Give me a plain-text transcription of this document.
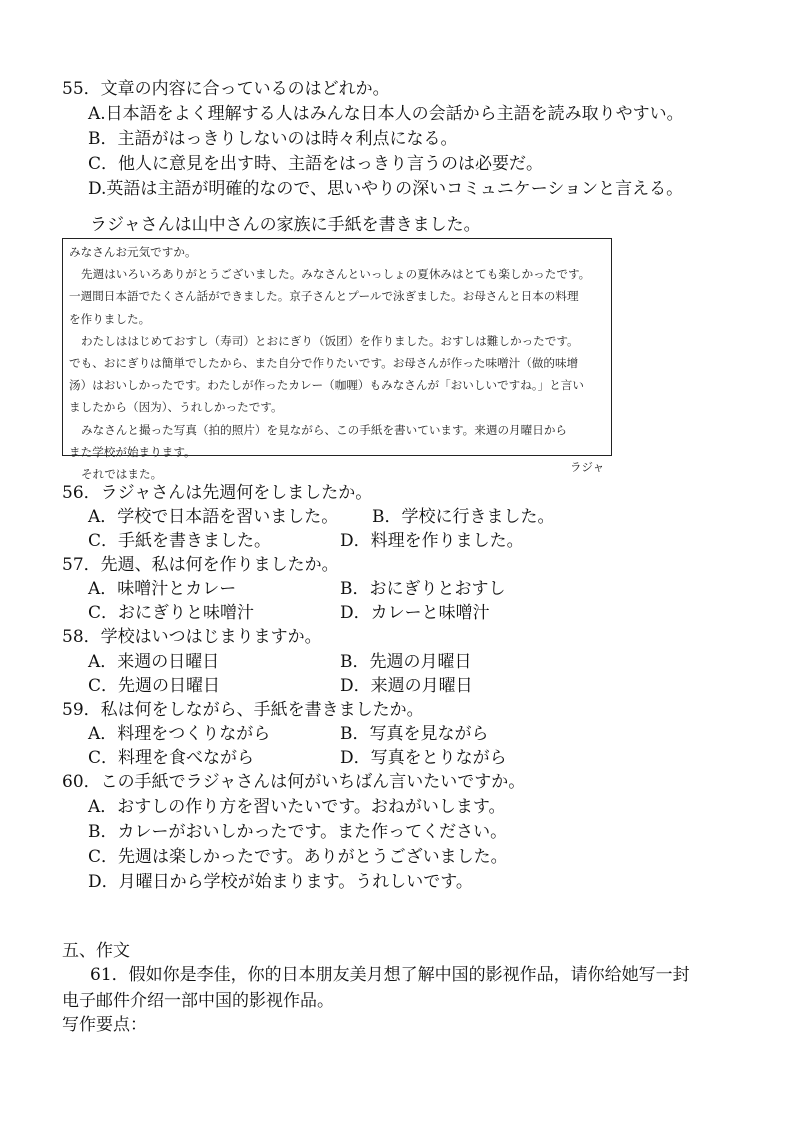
55．文章の内容に合っているのはどれか。
A.日本語をよく理解する人はみんな日本人の会話から主語を読み取りやすい。
B．主語がはっきりしないのは時々利点になる。
C．他人に意見を出す時、主語をはっきり言うのは必要だ。
D.英語は主語が明確的なので、思いやりの深いコミュニケーションと言える。
ラジャさんは山中さんの家族に手紙を書きました。

みなさんお元気ですか。

先週はいろいろありがとうございました。みなさんといっしょの夏休みはとても楽しかったです。

一週間日本語でたくさん話ができました。京子さんとプールで泳ぎました。お母さんと日本の料理

を作りました。

わたしははじめておすし（寿司）とおにぎり（饭团）を作りました。おすしは難しかったです。

でも、おにぎりは簡単でしたから、また自分で作りたいです。お母さんが作った味噌汁（做的味增

汤）はおいしかったです。わたしが作ったカレー（咖喱）もみなさんが「おいしいですね。」と言い

ましたから（因为）、うれしかったです。

みなさんと撮った写真（拍的照片）を見ながら、この手紙を書いています。来週の月曜日から

また学校が始まります。

それではまた。

ラジャ
56．ラジャさんは先週何をしましたか。
A．学校で日本語を習いました。 B．学校に行きました。
C．手紙を書きました。	D．料理を作りました。
57．先週、私は何を作りましたか。
A．味噌汁とカレー	B．おにぎりとおすし
C．おにぎりと味噌汁	D．カレーと味噌汁
58．学校はいつはじまりますか。
A．来週の日曜日	B．先週の月曜日
C．先週の日曜日	D．来週の月曜日
59．私は何をしながら、手紙を書きましたか。
A．料理をつくりながら	B．写真を見ながら
C．料理を食べながら	D．写真をとりながら
60．この手紙でラジャさんは何がいちばん言いたいですか。
A．おすしの作り方を習いたいです。おねがいします。
B．カレーがおいしかったです。また作ってください。
C．先週は楽しかったです。ありがとうございました。
D．月曜日から学校が始まります。うれしいです。
五、作文
61．假如你是李佳，你的日本朋友美月想了解中国的影视作品，请你给她写一封
电子邮件介绍一部中国的影视作品。
写作要点：
